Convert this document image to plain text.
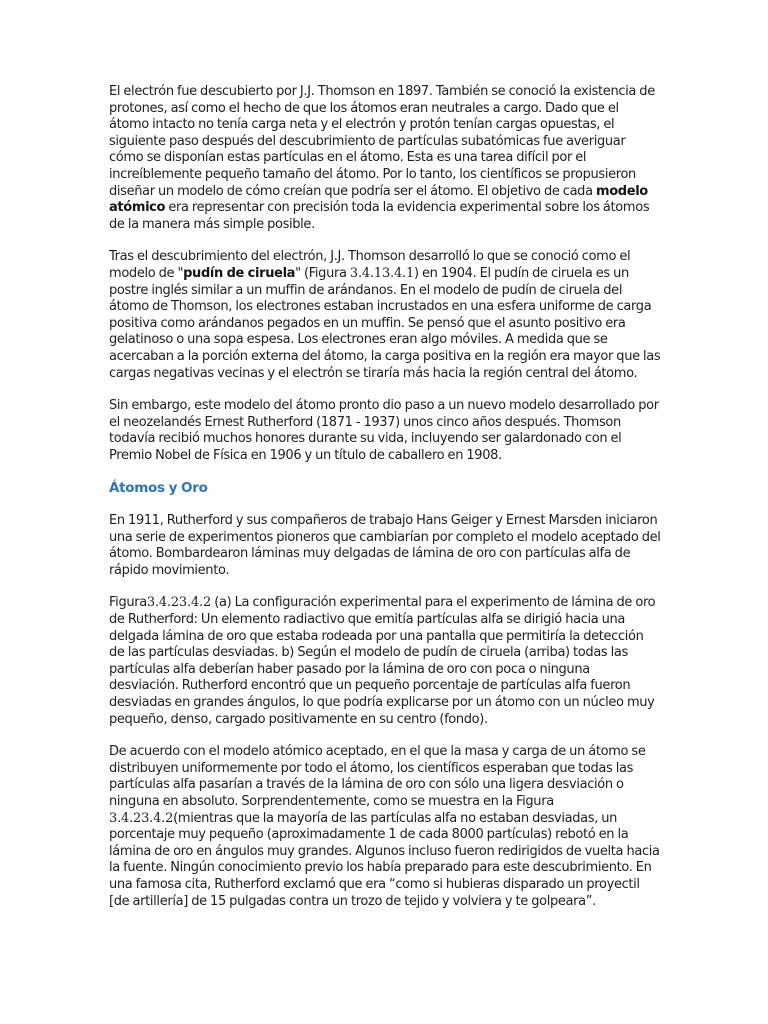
El electrón fue descubierto por J.J. Thomson en 1897. También se conoció la existencia de protones, así como el hecho de que los átomos eran neutrales a cargo. Dado que el átomo intacto no tenía carga neta y el electrón y protón tenían cargas opuestas, el siguiente paso después del descubrimiento de partículas subatómicas fue averiguar cómo se disponían estas partículas en el átomo. Esta es una tarea difícil por el increíblemente pequeño tamaño del átomo. Por lo tanto, los científicos se propusieron diseñar un modelo de cómo creían que podría ser el átomo. El objetivo de cada modelo atómico era representar con precisión toda la evidencia experimental sobre los átomos de la manera más simple posible.

Tras el descubrimiento del electrón, J.J. Thomson desarrolló lo que se conoció como el modelo de "pudín de ciruela" (Figura 3.4.13.4.1) en 1904. El pudín de ciruela es un postre inglés similar a un muffin de arándanos. En el modelo de pudín de ciruela del átomo de Thomson, los electrones estaban incrustados en una esfera uniforme de carga positiva como arándanos pegados en un muffin. Se pensó que el asunto positivo era gelatinoso o una sopa espesa. Los electrones eran algo móviles. A medida que se acercaban a la porción externa del átomo, la carga positiva en la región era mayor que las cargas negativas vecinas y el electrón se tiraría más hacia la región central del átomo.

Sin embargo, este modelo del átomo pronto dio paso a un nuevo modelo desarrollado por el neozelandés Ernest Rutherford (1871 - 1937) unos cinco años después. Thomson todavía recibió muchos honores durante su vida, incluyendo ser galardonado con el Premio Nobel de Física en 1906 y un título de caballero en 1908.

Átomos y Oro

En 1911, Rutherford y sus compañeros de trabajo Hans Geiger y Ernest Marsden iniciaron una serie de experimentos pioneros que cambiarían por completo el modelo aceptado del átomo. Bombardearon láminas muy delgadas de lámina de oro con partículas alfa de rápido movimiento.

Figura3.4.23.4.2 (a) La configuración experimental para el experimento de lámina de oro de Rutherford: Un elemento radiactivo que emitía partículas alfa se dirigió hacia una delgada lámina de oro que estaba rodeada por una pantalla que permitiría la detección de las partículas desviadas. b) Según el modelo de pudín de ciruela (arriba) todas las partículas alfa deberían haber pasado por la lámina de oro con poca o ninguna desviación. Rutherford encontró que un pequeño porcentaje de partículas alfa fueron desviadas en grandes ángulos, lo que podría explicarse por un átomo con un núcleo muy pequeño, denso, cargado positivamente en su centro (fondo).

De acuerdo con el modelo atómico aceptado, en el que la masa y carga de un átomo se distribuyen uniformemente por todo el átomo, los científicos esperaban que todas las partículas alfa pasarían a través de la lámina de oro con sólo una ligera desviación o ninguna en absoluto. Sorprendentemente, como se muestra en la Figura 3.4.23.4.2(mientras que la mayoría de las partículas alfa no estaban desviadas, un porcentaje muy pequeño (aproximadamente 1 de cada 8000 partículas) rebotó en la lámina de oro en ángulos muy grandes. Algunos incluso fueron redirigidos de vuelta hacia la fuente. Ningún conocimiento previo los había preparado para este descubrimiento. En una famosa cita, Rutherford exclamó que era “como si hubieras disparado un proyectil [de artillería] de 15 pulgadas contra un trozo de tejido y volviera y te golpeara”.
